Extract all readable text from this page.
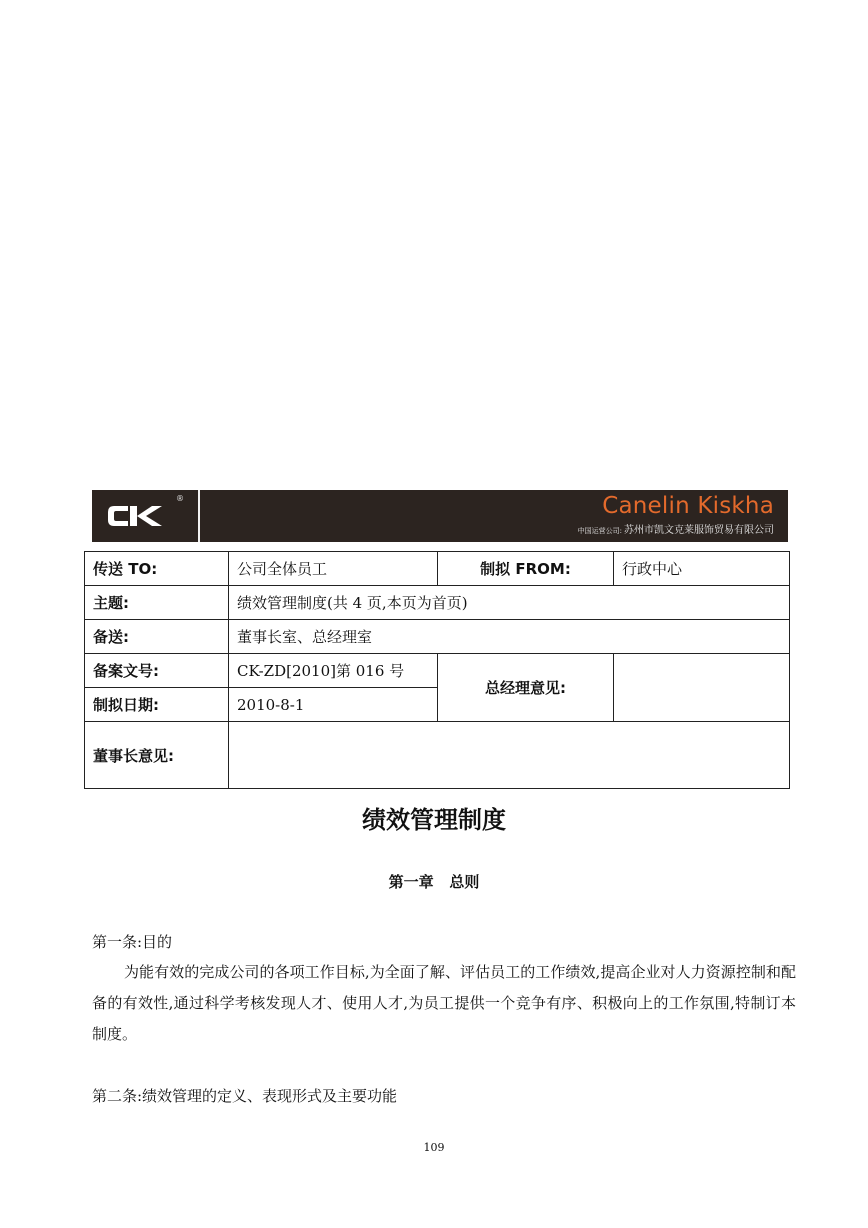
®	Canelin Kiskha
中国运营公司: 苏州市凯文克莱服饰贸易有限公司
传送 TO:	公司全体员工	制拟 FROM:	行政中心
主题:	绩效管理制度(共 4 页,本页为首页)		
备送:	董事长室、总经理室		
备案文号:	CK-ZD[2010]第 016 号	总经理意见:	
制拟日期:	2010-8-1		
董事长意见:			
绩效管理制度
第一章   总则
第一条:目的
为能有效的完成公司的各项工作目标,为全面了解、评估员工的工作绩效,提高企业对人力资源控制和配备的有效性,通过科学考核发现人才、使用人才,为员工提供一个竞争有序、积极向上的工作氛围,特制订本制度。
第二条:绩效管理的定义、表现形式及主要功能
109
